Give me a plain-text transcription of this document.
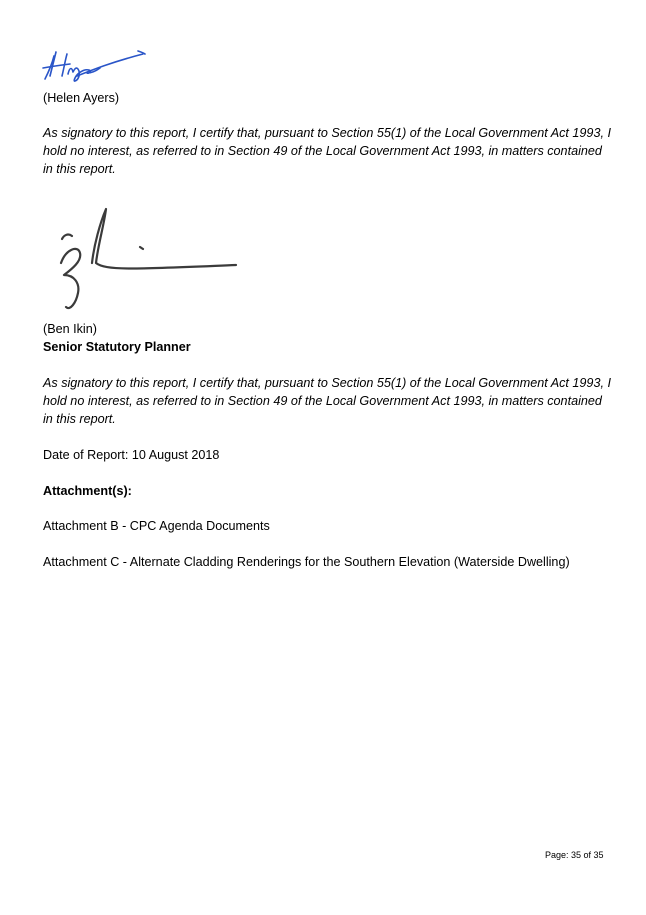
(Helen Ayers)
As signatory to this report, I certify that, pursuant to Section 55(1) of the Local Government Act 1993, I hold no interest, as referred to in Section 49 of the Local Government Act 1993, in matters contained in this report.
(Ben Ikin)
Senior Statutory Planner
As signatory to this report, I certify that, pursuant to Section 55(1) of the Local Government Act 1993, I hold no interest, as referred to in Section 49 of the Local Government Act 1993, in matters contained in this report.
Date of Report: 10 August 2018
Attachment(s):
Attachment B - CPC Agenda Documents
Attachment C - Alternate Cladding Renderings for the Southern Elevation (Waterside Dwelling)
Page: 35 of 35
